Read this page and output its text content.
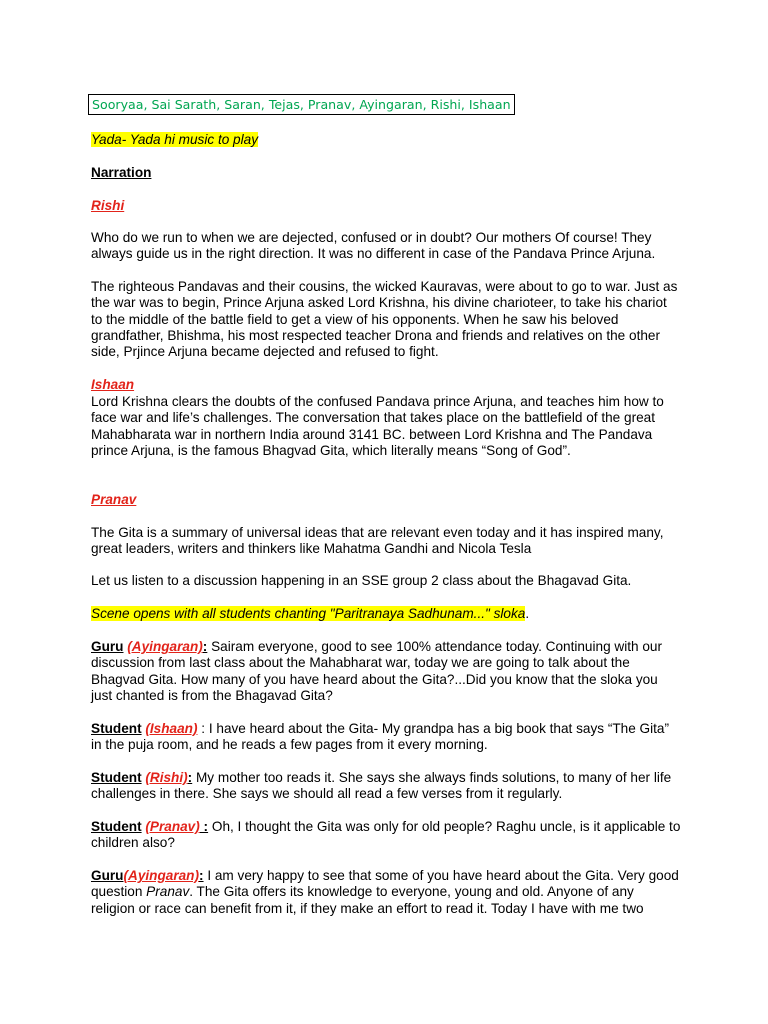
Sooryaa, Sai Sarath, Saran, Tejas, Pranav, Ayingaran, Rishi, Ishaan

Yada- Yada hi music to play

Narration

Rishi

Who do we run to when we are dejected, confused or in doubt? Our mothers Of course! They always guide us in the right direction. It was no different in case of the Pandava Prince Arjuna.

The righteous Pandavas and their cousins, the wicked Kauravas, were about to go to war. Just as the war was to begin, Prince Arjuna asked Lord Krishna, his divine charioteer, to take his chariot to the middle of the battle field to get a view of his opponents. When he saw his beloved grandfather, Bhishma, his most respected teacher Drona and friends and relatives on the other side, Prjince Arjuna became dejected and refused to fight.

Ishaan

Lord Krishna clears the doubts of the confused Pandava prince Arjuna, and teaches him how to face war and life’s challenges. The conversation that takes place on the battlefield of the great Mahabharata war in northern India around 3141 BC. between Lord Krishna and The Pandava prince Arjuna, is the famous Bhagvad Gita, which literally means “Song of God”.

Pranav

The Gita is a summary of universal ideas that are relevant even today and it has inspired many, great leaders, writers and thinkers like Mahatma Gandhi and Nicola Tesla

Let us listen to a discussion happening in an SSE group 2 class about the Bhagavad Gita.

Scene opens with all students chanting "Paritranaya Sadhunam..." sloka.

Guru (Ayingaran): Sairam everyone, good to see 100% attendance today. Continuing with our discussion from last class about the Mahabharat war, today we are going to talk about the Bhagvad Gita. How many of you have heard about the Gita?...Did you know that the sloka you just chanted is from the Bhagavad Gita?

Student (Ishaan) : I have heard about the Gita- My grandpa has a big book that says “The Gita” in the puja room, and he reads a few pages from it every morning.

Student (Rishi): My mother too reads it. She says she always finds solutions, to many of her life challenges in there. She says we should all read a few verses from it regularly.

Student (Pranav) : Oh, I thought the Gita was only for old people? Raghu uncle, is it applicable to children also?

Guru(Ayingaran): I am very happy to see that some of you have heard about the Gita. Very good question Pranav. The Gita offers its knowledge to everyone, young and old. Anyone of any religion or race can benefit from it, if they make an effort to read it. Today I have with me two
